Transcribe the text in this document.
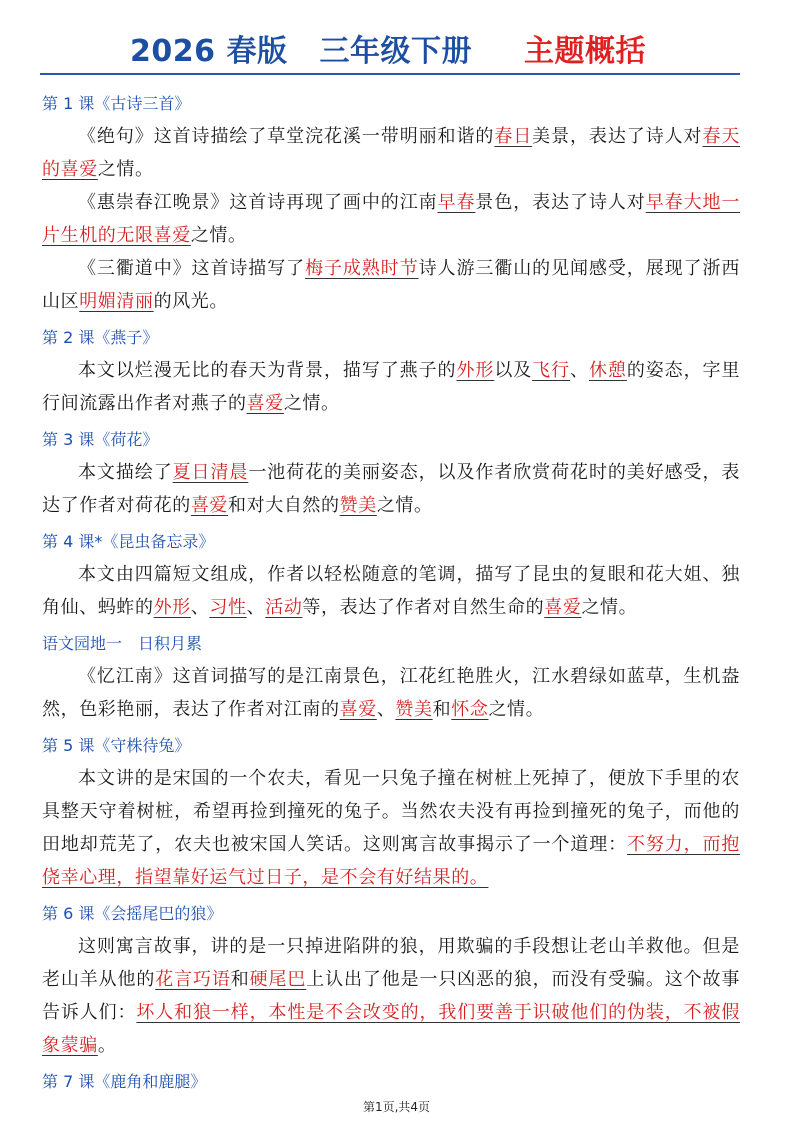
2026 春版 三年级下册 主题概括
第 1 课《古诗三首》

《绝句》这首诗描绘了草堂浣花溪一带明丽和谐的春日美景，表达了诗人对春天的喜爱之情。

《惠崇春江晚景》这首诗再现了画中的江南早春景色，表达了诗人对早春大地一片生机的无限喜爱之情。

《三衢道中》这首诗描写了梅子成熟时节诗人游三衢山的见闻感受，展现了浙西山区明媚清丽的风光。

第 2 课《燕子》

本文以烂漫无比的春天为背景，描写了燕子的外形以及飞行、休憩的姿态，字里行间流露出作者对燕子的喜爱之情。

第 3 课《荷花》

本文描绘了夏日清晨一池荷花的美丽姿态，以及作者欣赏荷花时的美好感受，表达了作者对荷花的喜爱和对大自然的赞美之情。

第 4 课*《昆虫备忘录》

本文由四篇短文组成，作者以轻松随意的笔调，描写了昆虫的复眼和花大姐、独角仙、蚂蚱的外形、习性、活动等，表达了作者对自然生命的喜爱之情。

语文园地一　日积月累

《忆江南》这首词描写的是江南景色，江花红艳胜火，江水碧绿如蓝草，生机盎然，色彩艳丽，表达了作者对江南的喜爱、赞美和怀念之情。

第 5 课《守株待兔》

本文讲的是宋国的一个农夫，看见一只兔子撞在树桩上死掉了，便放下手里的农具整天守着树桩，希望再捡到撞死的兔子。当然农夫没有再捡到撞死的兔子，而他的田地却荒芜了，农夫也被宋国人笑话。这则寓言故事揭示了一个道理：不努力，而抱侥幸心理，指望靠好运气过日子，是不会有好结果的。

第 6 课《会摇尾巴的狼》

这则寓言故事，讲的是一只掉进陷阱的狼，用欺骗的手段想让老山羊救他。但是老山羊从他的花言巧语和硬尾巴上认出了他是一只凶恶的狼，而没有受骗。这个故事告诉人们：坏人和狼一样，本性是不会改变的，我们要善于识破他们的伪装，不被假象蒙骗。

第 7 课《鹿角和鹿腿》
第1页,共4页
